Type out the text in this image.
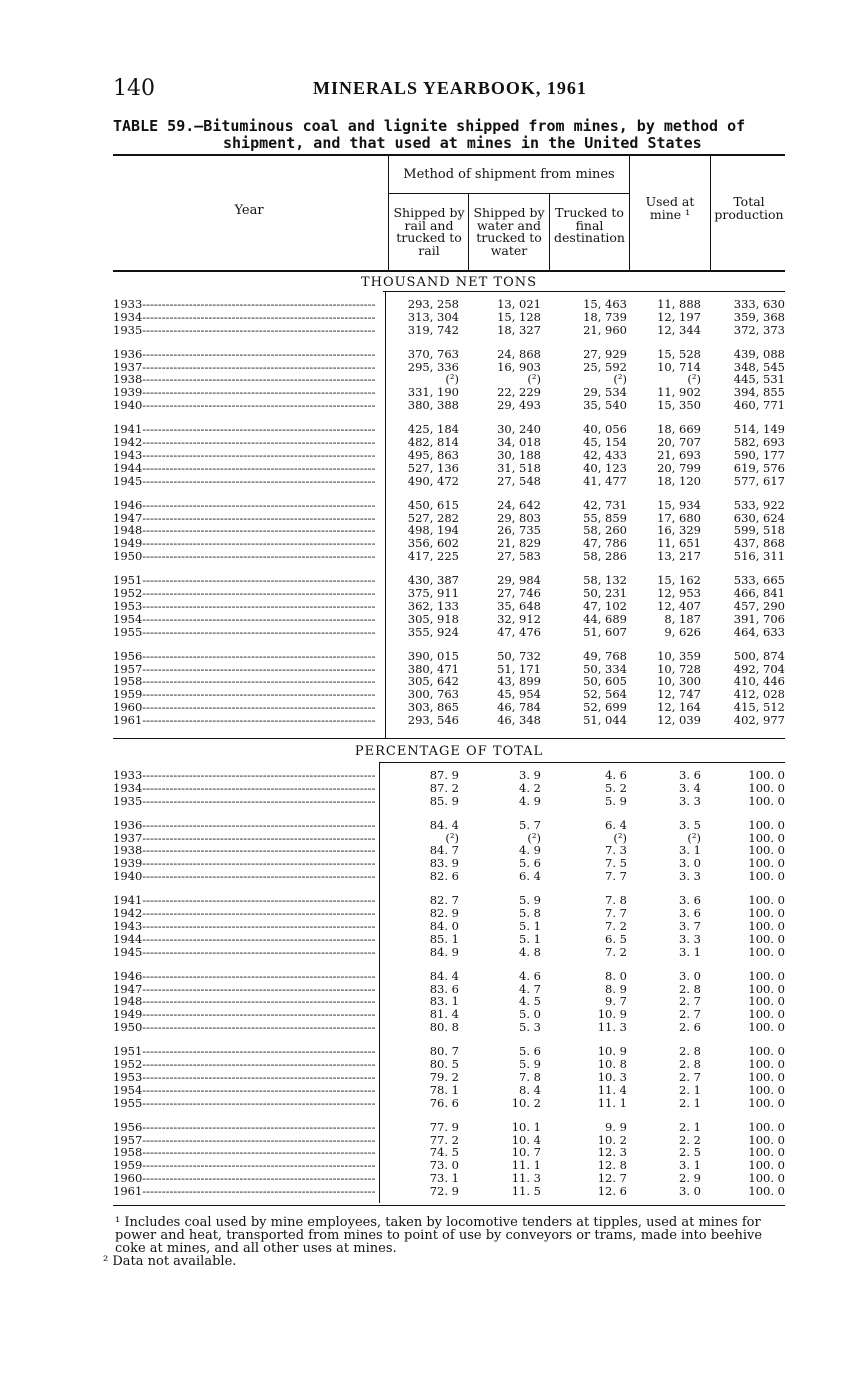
140	MINERALS YEARBOOK, 1961
TABLE 59.—Bituminous coal and lignite shipped from mines, by method of
shipment, and that used at mines in the United States
Year
Method of shipment from mines
Shipped by rail and trucked to rail
Shipped by water and trucked to water
Trucked to final destination
Used at mine ¹
Total production
THOUSAND NET TONS
1933------------------------------------------------------------	293, 258	13, 021	15, 463	11, 888	333, 630
1934------------------------------------------------------------	313, 304	15, 128	18, 739	12, 197	359, 368
1935------------------------------------------------------------	319, 742	18, 327	21, 960	12, 344	372, 373
1936------------------------------------------------------------	370, 763	24, 868	27, 929	15, 528	439, 088
1937------------------------------------------------------------	295, 336	16, 903	25, 592	10, 714	348, 545
1938------------------------------------------------------------	(²)	(²)	(²)	(²)	445, 531
1939------------------------------------------------------------	331, 190	22, 229	29, 534	11, 902	394, 855
1940------------------------------------------------------------	380, 388	29, 493	35, 540	15, 350	460, 771
1941------------------------------------------------------------	425, 184	30, 240	40, 056	18, 669	514, 149
1942------------------------------------------------------------	482, 814	34, 018	45, 154	20, 707	582, 693
1943------------------------------------------------------------	495, 863	30, 188	42, 433	21, 693	590, 177
1944------------------------------------------------------------	527, 136	31, 518	40, 123	20, 799	619, 576
1945------------------------------------------------------------	490, 472	27, 548	41, 477	18, 120	577, 617
1946------------------------------------------------------------	450, 615	24, 642	42, 731	15, 934	533, 922
1947------------------------------------------------------------	527, 282	29, 803	55, 859	17, 680	630, 624
1948------------------------------------------------------------	498, 194	26, 735	58, 260	16, 329	599, 518
1949------------------------------------------------------------	356, 602	21, 829	47, 786	11, 651	437, 868
1950------------------------------------------------------------	417, 225	27, 583	58, 286	13, 217	516, 311
1951------------------------------------------------------------	430, 387	29, 984	58, 132	15, 162	533, 665
1952------------------------------------------------------------	375, 911	27, 746	50, 231	12, 953	466, 841
1953------------------------------------------------------------	362, 133	35, 648	47, 102	12, 407	457, 290
1954------------------------------------------------------------	305, 918	32, 912	44, 689	8, 187	391, 706
1955------------------------------------------------------------	355, 924	47, 476	51, 607	9, 626	464, 633
1956------------------------------------------------------------	390, 015	50, 732	49, 768	10, 359	500, 874
1957------------------------------------------------------------	380, 471	51, 171	50, 334	10, 728	492, 704
1958------------------------------------------------------------	305, 642	43, 899	50, 605	10, 300	410, 446
1959------------------------------------------------------------	300, 763	45, 954	52, 564	12, 747	412, 028
1960------------------------------------------------------------	303, 865	46, 784	52, 699	12, 164	415, 512
1961------------------------------------------------------------	293, 546	46, 348	51, 044	12, 039	402, 977
PERCENTAGE OF TOTAL
1933------------------------------------------------------------	87. 9	3. 9	4. 6	3. 6	100. 0
1934------------------------------------------------------------	87. 2	4. 2	5. 2	3. 4	100. 0
1935------------------------------------------------------------	85. 9	4. 9	5. 9	3. 3	100. 0
1936------------------------------------------------------------	84. 4	5. 7	6. 4	3. 5	100. 0
1937------------------------------------------------------------	(²)	(²)	(²)	(²)	100. 0
1938------------------------------------------------------------	84. 7	4. 9	7. 3	3. 1	100. 0
1939------------------------------------------------------------	83. 9	5. 6	7. 5	3. 0	100. 0
1940------------------------------------------------------------	82. 6	6. 4	7. 7	3. 3	100. 0
1941------------------------------------------------------------	82. 7	5. 9	7. 8	3. 6	100. 0
1942------------------------------------------------------------	82. 9	5. 8	7. 7	3. 6	100. 0
1943------------------------------------------------------------	84. 0	5. 1	7. 2	3. 7	100. 0
1944------------------------------------------------------------	85. 1	5. 1	6. 5	3. 3	100. 0
1945------------------------------------------------------------	84. 9	4. 8	7. 2	3. 1	100. 0
1946------------------------------------------------------------	84. 4	4. 6	8. 0	3. 0	100. 0
1947------------------------------------------------------------	83. 6	4. 7	8. 9	2. 8	100. 0
1948------------------------------------------------------------	83. 1	4. 5	9. 7	2. 7	100. 0
1949------------------------------------------------------------	81. 4	5. 0	10. 9	2. 7	100. 0
1950------------------------------------------------------------	80. 8	5. 3	11. 3	2. 6	100. 0
1951------------------------------------------------------------	80. 7	5. 6	10. 9	2. 8	100. 0
1952------------------------------------------------------------	80. 5	5. 9	10. 8	2. 8	100. 0
1953------------------------------------------------------------	79. 2	7. 8	10. 3	2. 7	100. 0
1954------------------------------------------------------------	78. 1	8. 4	11. 4	2. 1	100. 0
1955------------------------------------------------------------	76. 6	10. 2	11. 1	2. 1	100. 0
1956------------------------------------------------------------	77. 9	10. 1	9. 9	2. 1	100. 0
1957------------------------------------------------------------	77. 2	10. 4	10. 2	2. 2	100. 0
1958------------------------------------------------------------	74. 5	10. 7	12. 3	2. 5	100. 0
1959------------------------------------------------------------	73. 0	11. 1	12. 8	3. 1	100. 0
1960------------------------------------------------------------	73. 1	11. 3	12. 7	2. 9	100. 0
1961------------------------------------------------------------	72. 9	11. 5	12. 6	3. 0	100. 0
¹ Includes coal used by mine employees, taken by locomotive tenders at tipples, used at mines for power and heat, transported from mines to point of use by conveyors or trams, made into beehive coke at mines, and all other uses at mines.
² Data not available.
